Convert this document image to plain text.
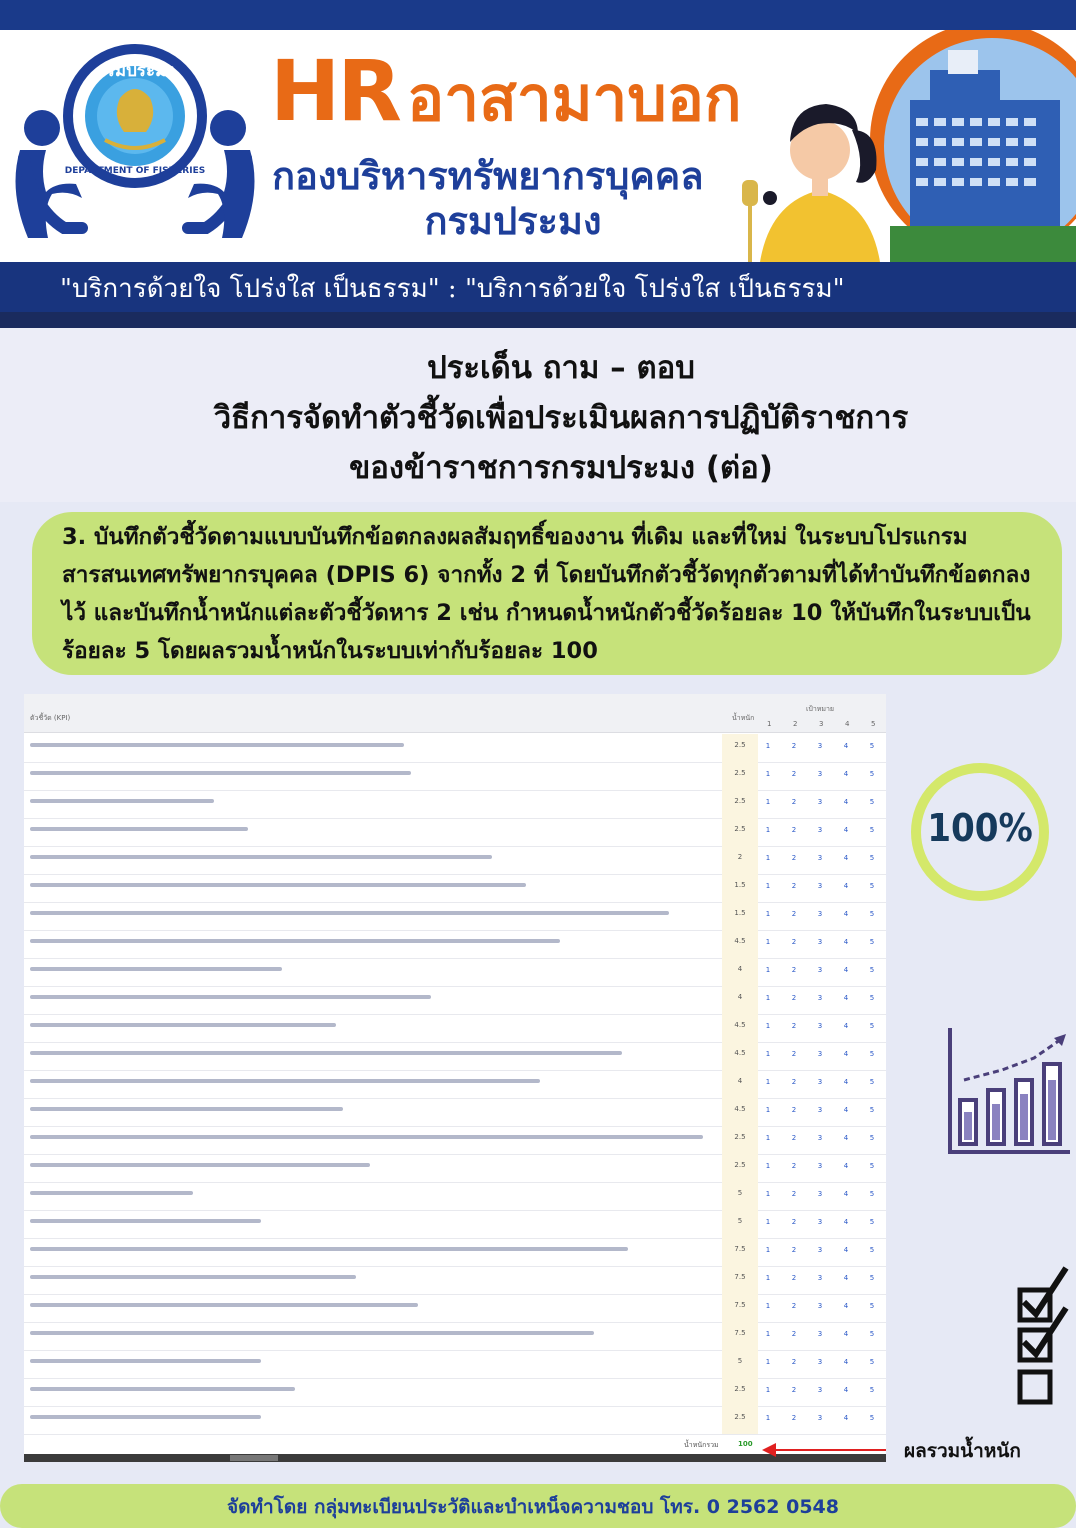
กรมประมง
DEPARTMENT OF FISHERIES
HR อาสามาบอก
กองบริหารทรัพยากรบุคคล
กรมประมง
"บริการด้วยใจ โปร่งใส เป็นธรรม" : "บริการด้วยใจ โปร่งใส เป็นธรรม"
ประเด็น ถาม – ตอบ
วิธีการจัดทำตัวชี้วัดเพื่อประเมินผลการปฏิบัติราชการ
ของข้าราชการกรมประมง (ต่อ)

3. บันทึกตัวชี้วัดตามแบบบันทึกข้อตกลงผลสัมฤทธิ์ของงาน ที่เดิม และที่ใหม่ ในระบบโปรแกรมสารสนเทศทรัพยากรบุคคล (DPIS 6) จากทั้ง 2 ที่ โดยบันทึกตัวชี้วัดทุกตัวตามที่ได้ทำบันทึกข้อตกลงไว้ และบันทึกน้ำหนักแต่ละตัวชี้วัดหาร 2 เช่น กำหนดน้ำหนักตัวชี้วัดร้อยละ 10 ให้บันทึกในระบบเป็นร้อยละ 5 โดยผลรวมน้ำหนักในระบบเท่ากับร้อยละ 100

ตัวชี้วัด (KPI)	น้ำหนัก
เป้าหมาย
1	2	3	4	5
2.5	1	2	3	4	5
2.5	1	2	3	4	5
2.5	1	2	3	4	5
2.5	1	2	3	4	5
2	1	2	3	4	5
1.5	1	2	3	4	5
1.5	1	2	3	4	5
4.5	1	2	3	4	5
4	1	2	3	4	5
4	1	2	3	4	5
4.5	1	2	3	4	5
4.5	1	2	3	4	5
4	1	2	3	4	5
4.5	1	2	3	4	5
2.5	1	2	3	4	5
2.5	1	2	3	4	5
5	1	2	3	4	5
5	1	2	3	4	5
7.5	1	2	3	4	5
7.5	1	2	3	4	5
7.5	1	2	3	4	5
7.5	1	2	3	4	5
5	1	2	3	4	5
2.5	1	2	3	4	5
2.5	1	2	3	4	5
น้ำหนักรวม	100
100%
ผลรวมน้ำหนัก
จัดทำโดย กลุ่มทะเบียนประวัติและบำเหน็จความชอบ โทร. 0 2562 0548
